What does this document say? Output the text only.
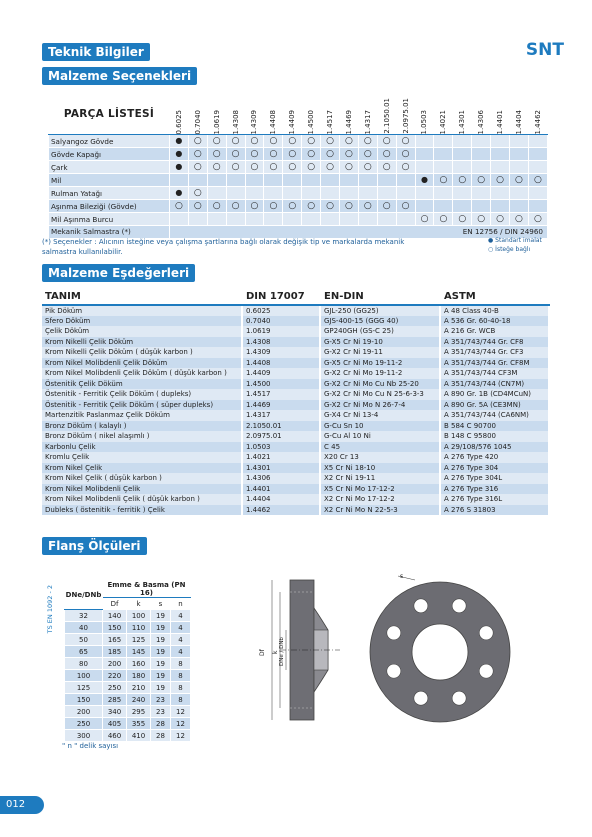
Teknik Bilgiler	SNT
Malzeme Seçenekleri
PARÇA LİSTESİ	0.6025	0.7040	1.0619	1.4308	1.4309	1.4408	1.4409	1.4500	1.4517	1.4469	1.4317	2.1050.01	2.0975.01	1.0503	1.4021	1.4301	1.4306	1.4401	1.4404	1.4462

Salyangoz Gövde	●	○	○	○	○	○	○	○	○	○	○	○	○							
Gövde Kapağı	●	○	○	○	○	○	○	○	○	○	○	○	○							
Çark	●	○	○	○	○	○	○	○	○	○	○	○	○							
Mil														●	○	○	○	○	○	○
Rulman Yatağı	●	○																		
Aşınma Bileziği (Gövde)	○	○	○	○	○	○	○	○	○	○	○	○	○							
Mil Aşınma Burcu														○	○	○	○	○	○	○
Mekanik Salmastra (*)	EN 12756 / DIN 24960																			
(*) Seçenekler : Alıcının isteğine veya çalışma şartlarına bağlı olarak değişik tip ve markalarda mekanik salmastra kullanılabilir.
● Standart imalat
○ İsteğe bağlı
Malzeme Eşdeğerleri
TANIM	DIN 17007	EN-DIN	ASTM
Pik Döküm	0.6025	GJL-250 (GG25)	A 48 Class 40-B
Sfero Döküm	0.7040	GJS-400-15 (GGG 40)	A 536 Gr. 60-40-18
Çelik Döküm	1.0619	GP240GH (GS-C 25)	A 216 Gr. WCB
Krom Nikelli Çelik Döküm	1.4308	G-X5 Cr Ni 19-10	A 351/743/744 Gr. CF8
Krom Nikelli Çelik Döküm ( düşük karbon )	1.4309	G-X2 Cr Ni 19-11	A 351/743/744 Gr. CF3
Krom Nikel Molibdenli Çelik Döküm	1.4408	G-X5 Cr Ni Mo 19-11-2	A 351/743/744 Gr. CF8M
Krom Nikel Molibdenli Çelik Döküm ( düşük karbon )	1.4409	G-X2 Cr Ni Mo 19-11-2	A 351/743/744 CF3M
Östenitik Çelik Döküm	1.4500	G-X2 Cr Ni Mo Cu Nb 25-20	A 351/743/744 (CN7M)
Östenitik - Ferritik Çelik Döküm ( dupleks)	1.4517	G-X2 Cr Ni Mo Cu N 25-6-3-3	A 890 Gr. 1B (CD4MCuN)
Östenitik - Ferritik Çelik Döküm ( süper dupleks)	1.4469	G-X2 Cr Ni Mo N 26-7-4	A 890 Gr. 5A (CE3MN)
Martenzitik Paslanmaz Çelik Döküm	1.4317	G-X4 Cr Ni 13-4	A 351/743/744 (CA6NM)
Bronz Döküm ( kalaylı )	2.1050.01	G-Cu Sn 10	B 584 C 90700
Bronz Döküm ( nikel alaşımlı )	2.0975.01	G-Cu Al 10 Ni	B 148 C 95800
Karbonlu Çelik	1.0503	C 45	A 29/108/576 1045
Kromlu Çelik	1.4021	X20 Cr 13	A 276 Type 420
Krom Nikel Çelik	1.4301	X5 Cr Ni 18-10	A 276 Type 304
Krom Nikel Çelik ( düşük karbon )	1.4306	X2 Cr Ni 19-11	A 276 Type 304L
Krom Nikel Molibdenli Çelik	1.4401	X5 Cr Ni Mo 17-12-2	A 276 Type 316
Krom Nikel Molibdenli Çelik ( düşük karbon )	1.4404	X2 Cr Ni Mo 17-12-2	A 276 Type 316L
Dubleks ( östenitik - ferritik ) Çelik	1.4462	X2 Cr Ni Mo N 22-5-3	A 276 S 31803
Flanş Ölçüleri
TS EN 1092 - 2 DNe/DNb	Emme & Basma (PN 16)			
	Df	k	s	n
32	140	100	19	4
40	150	110	19	4
50	165	125	19	4
65	185	145	19	4
80	200	160	19	8
100	220	180	19	8
125	250	210	19	8
150	285	240	23	8
200	340	295	23	12
250	405	355	28	12
300	460	410	28	12
" n " delik sayısı
Df k DNe / DNb
s
012
